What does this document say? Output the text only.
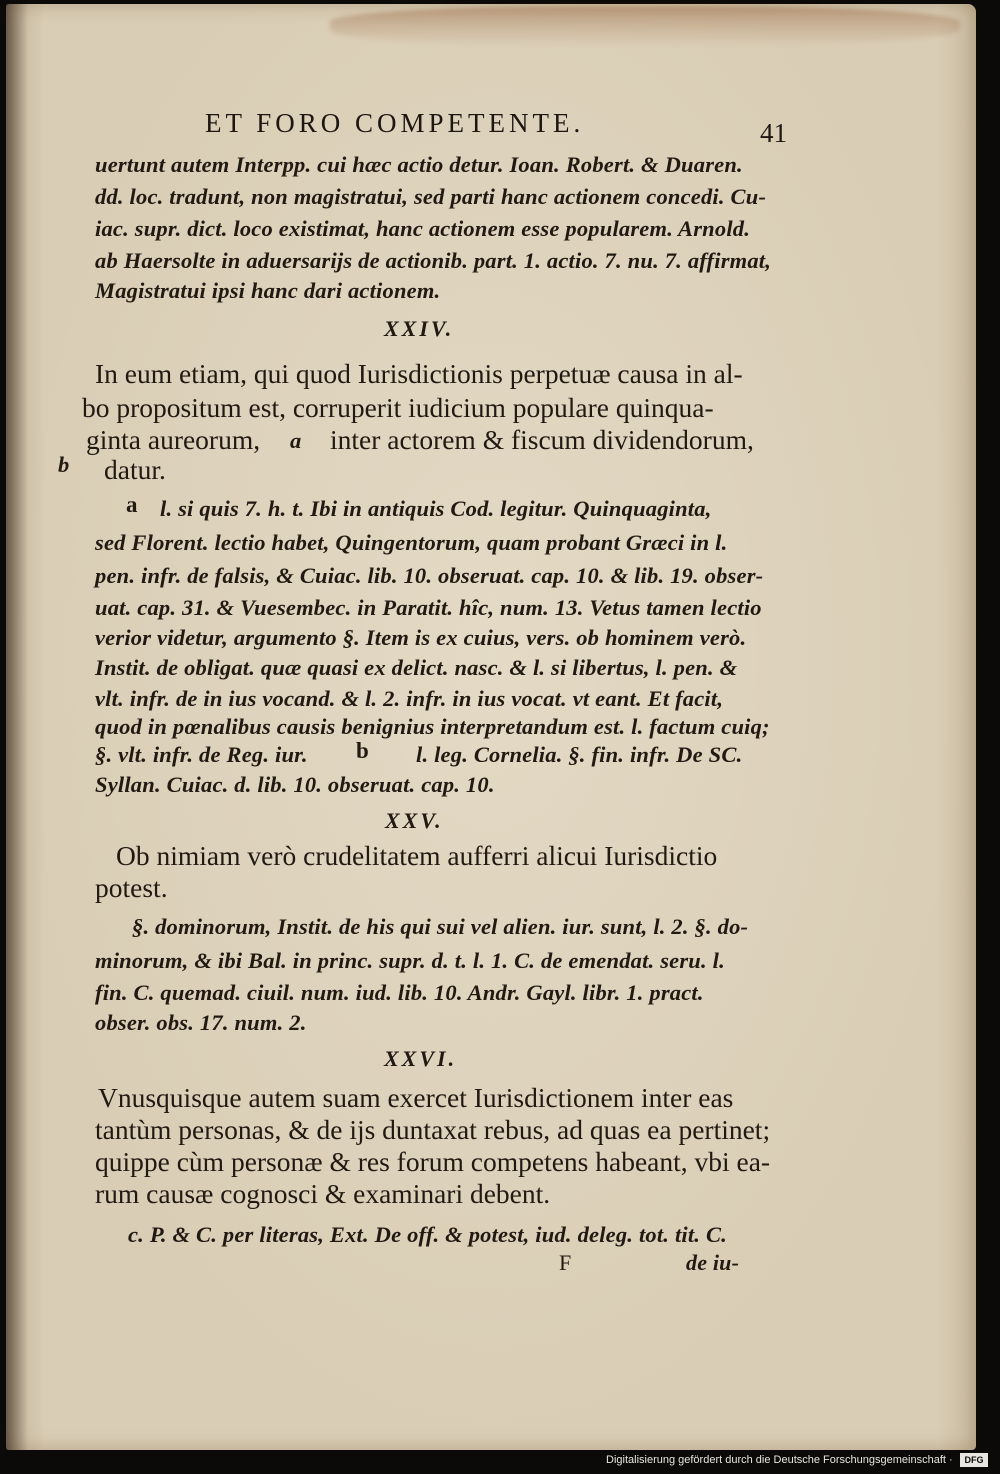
ET FORO COMPETENTE.	41
uertunt autem Interpp. cui hæc actio detur. Ioan. Robert. & Duaren.
dd. loc. tradunt, non magistratui, sed parti hanc actionem concedi. Cu-
iac. supr. dict. loco existimat, hanc actionem esse popularem. Arnold.
ab Haersolte in aduersarijs de actionib. part. 1. actio. 7. nu. 7. affirmat,
Magistratui ipsi hanc dari actionem.
XXIV.
In eum etiam, qui quod Iurisdictionis perpetuæ causa in al-
bo propositum est, corruperit iudicium populare quinqua-
ginta aureorum, a inter actorem & fiscum dividendorum,
b datur.
a l. si quis 7. h. t. Ibi in antiquis Cod. legitur. Quinquaginta,
sed Florent. lectio habet, Quingentorum, quam probant Græci in l.
pen. infr. de falsis, & Cuiac. lib. 10. obseruat. cap. 10. & lib. 19. obser-
uat. cap. 31. & Vuesembec. in Paratit. hîc, num. 13. Vetus tamen lectio
verior videtur, argumento §. Item is ex cuius, vers. ob hominem verò.
Instit. de obligat. quæ quasi ex delict. nasc. & l. si libertus, l. pen. &
vlt. infr. de in ius vocand. & l. 2. infr. in ius vocat. vt eant. Et facit,
quod in pœnalibus causis benignius interpretandum est. l. factum cuiq;
§. vlt. infr. de Reg. iur. b l. leg. Cornelia. §. fin. infr. De SC.
Syllan. Cuiac. d. lib. 10. obseruat. cap. 10.
XXV.
Ob nimiam verò crudelitatem aufferri alicui Iurisdictio
potest.
§. dominorum, Instit. de his qui sui vel alien. iur. sunt, l. 2. §. do-
minorum, & ibi Bal. in princ. supr. d. t. l. 1. C. de emendat. seru. l.
fin. C. quemad. ciuil. num. iud. lib. 10. Andr. Gayl. libr. 1. pract.
obser. obs. 17. num. 2.
XXVI.
Vnusquisque autem suam exercet Iurisdictionem inter eas
tantùm personas, & de ijs duntaxat rebus, ad quas ea pertinet;
quippe cùm personæ & res forum competens habeant, vbi ea-
rum causæ cognosci & examinari debent.
c. P. & C. per literas, Ext. De off. & potest, iud. deleg. tot. tit. C.
F	de iu-
Digitalisierung gefördert durch die Deutsche Forschungsgemeinschaft ·	DFG
